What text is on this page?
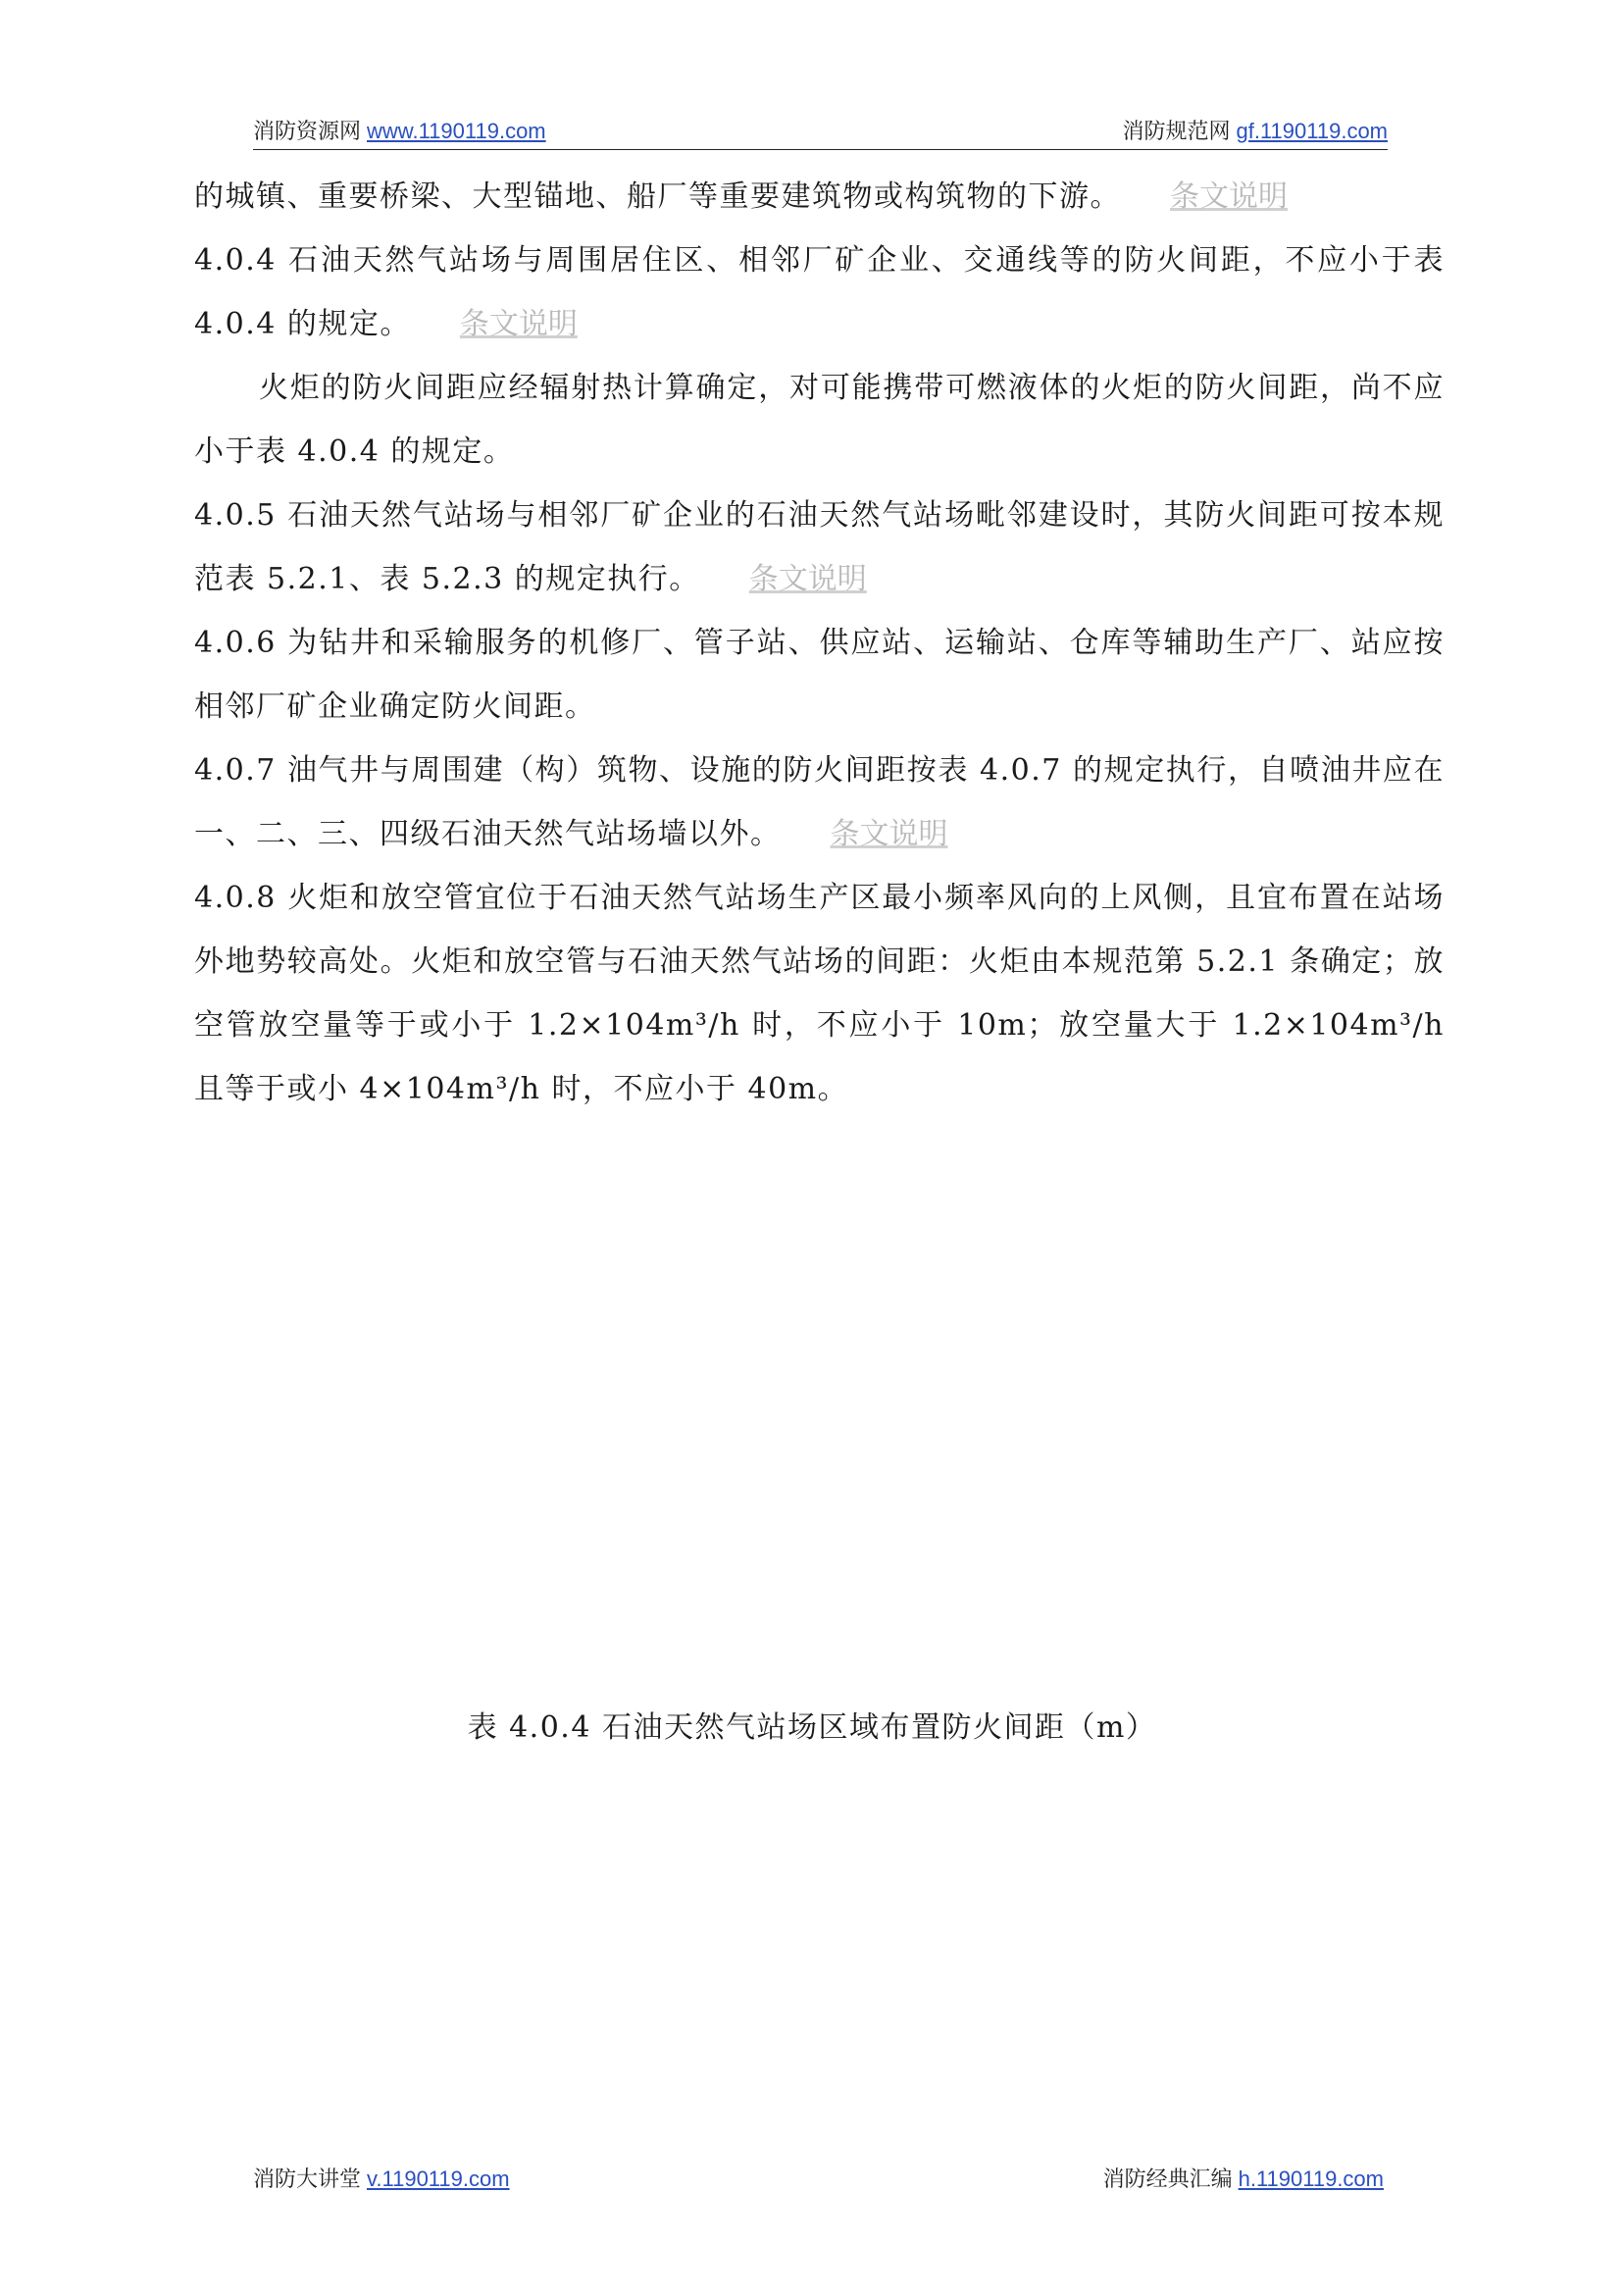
消防资源网 www.1190119.com	消防规范网 gf.1190119.com

的城镇、重要桥梁、大型锚地、船厂等重要建筑物或构筑物的下游。 条文说明

4.0.4 石油天然气站场与周围居住区、相邻厂矿企业、交通线等的防火间距，不应小于表 4.0.4 的规定。 条文说明

火炬的防火间距应经辐射热计算确定，对可能携带可燃液体的火炬的防火间距，尚不应小于表 4.0.4 的规定。

4.0.5 石油天然气站场与相邻厂矿企业的石油天然气站场毗邻建设时，其防火间距可按本规范表 5.2.1、表 5.2.3 的规定执行。 条文说明

4.0.6 为钻井和采输服务的机修厂、管子站、供应站、运输站、仓库等辅助生产厂、站应按相邻厂矿企业确定防火间距。

4.0.7 油气井与周围建（构）筑物、设施的防火间距按表 4.0.7 的规定执行，自喷油井应在一、二、三、四级石油天然气站场墙以外。 条文说明

4.0.8 火炬和放空管宜位于石油天然气站场生产区最小频率风向的上风侧，且宜布置在站场外地势较高处。火炬和放空管与石油天然气站场的间距：火炬由本规范第 5.2.1 条确定；放空管放空量等于或小于 1.2×104m³/h 时，不应小于 10m；放空量大于 1.2×104m³/h 且等于或小 4×104m³/h 时，不应小于 40m。

表 4.0.4 石油天然气站场区域布置防火间距（m）
消防大讲堂 v.1190119.com	消防经典汇编 h.1190119.com
